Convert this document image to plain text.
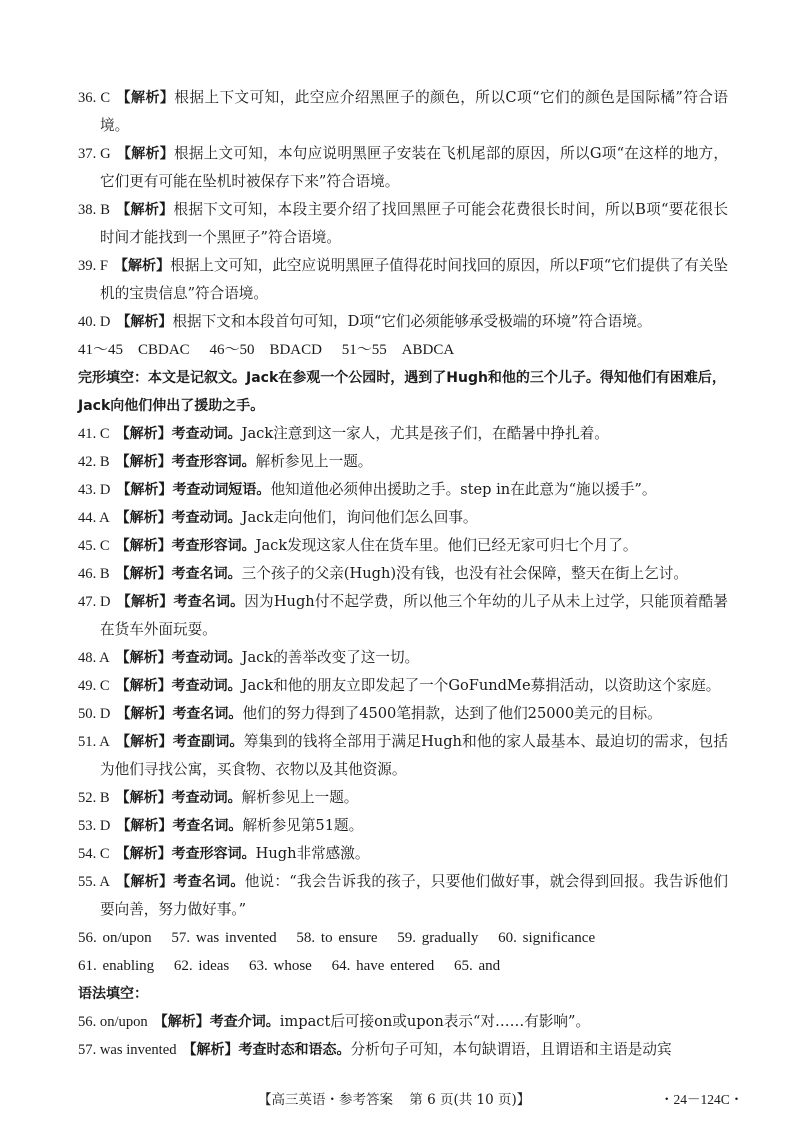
36. C 【解析】根据上下文可知，此空应介绍黑匣子的颜色，所以C项“它们的颜色是国际橘”符合语境。
37. G 【解析】根据上文可知，本句应说明黑匣子安装在飞机尾部的原因，所以G项“在这样的地方，它们更有可能在坠机时被保存下来”符合语境。
38. B 【解析】根据下文可知，本段主要介绍了找回黑匣子可能会花费很长时间，所以B项“要花很长时间才能找到一个黑匣子”符合语境。
39. F 【解析】根据上文可知，此空应说明黑匣子值得花时间找回的原因，所以F项“它们提供了有关坠机的宝贵信息”符合语境。
40. D 【解析】根据下文和本段首句可知，D项“它们必须能够承受极端的环境”符合语境。
41～45　CBDAC 46～50　BDACD 51～55　ABDCA
完形填空：本文是记叙文。Jack在参观一个公园时，遇到了Hugh和他的三个儿子。得知他们有困难后，Jack向他们伸出了援助之手。
41. C 【解析】考查动词。Jack注意到这一家人，尤其是孩子们，在酷暑中挣扎着。
42. B 【解析】考查形容词。解析参见上一题。
43. D 【解析】考查动词短语。他知道他必须伸出援助之手。step in在此意为“施以援手”。
44. A 【解析】考查动词。Jack走向他们，询问他们怎么回事。
45. C 【解析】考查形容词。Jack发现这家人住在货车里。他们已经无家可归七个月了。
46. B 【解析】考查名词。三个孩子的父亲(Hugh)没有钱，也没有社会保障，整天在街上乞讨。
47. D 【解析】考查名词。因为Hugh付不起学费，所以他三个年幼的儿子从未上过学，只能顶着酷暑在货车外面玩耍。
48. A 【解析】考查动词。Jack的善举改变了这一切。
49. C 【解析】考查动词。Jack和他的朋友立即发起了一个GoFundMe募捐活动，以资助这个家庭。
50. D 【解析】考查名词。他们的努力得到了4500笔捐款，达到了他们25000美元的目标。
51. A 【解析】考查副词。筹集到的钱将全部用于满足Hugh和他的家人最基本、最迫切的需求，包括为他们寻找公寓，买食物、衣物以及其他资源。
52. B 【解析】考查动词。解析参见上一题。
53. D 【解析】考查名词。解析参见第51题。
54. C 【解析】考查形容词。Hugh非常感激。
55. A 【解析】考查名词。他说：“我会告诉我的孩子，只要他们做好事，就会得到回报。我告诉他们要向善，努力做好事。”
56. on/upon 57. was invented 58. to ensure 59. gradually 60. significance
61. enabling 62. ideas 63. whose 64. have entered 65. and
语法填空：
56. on/upon 【解析】考查介词。impact后可接on或upon表示“对……有影响”。
57. was invented 【解析】考查时态和语态。分析句子可知，本句缺谓语，且谓语和主语是动宾
【高三英语・参考答案 第 6 页(共 10 页)】	・24－124C・
